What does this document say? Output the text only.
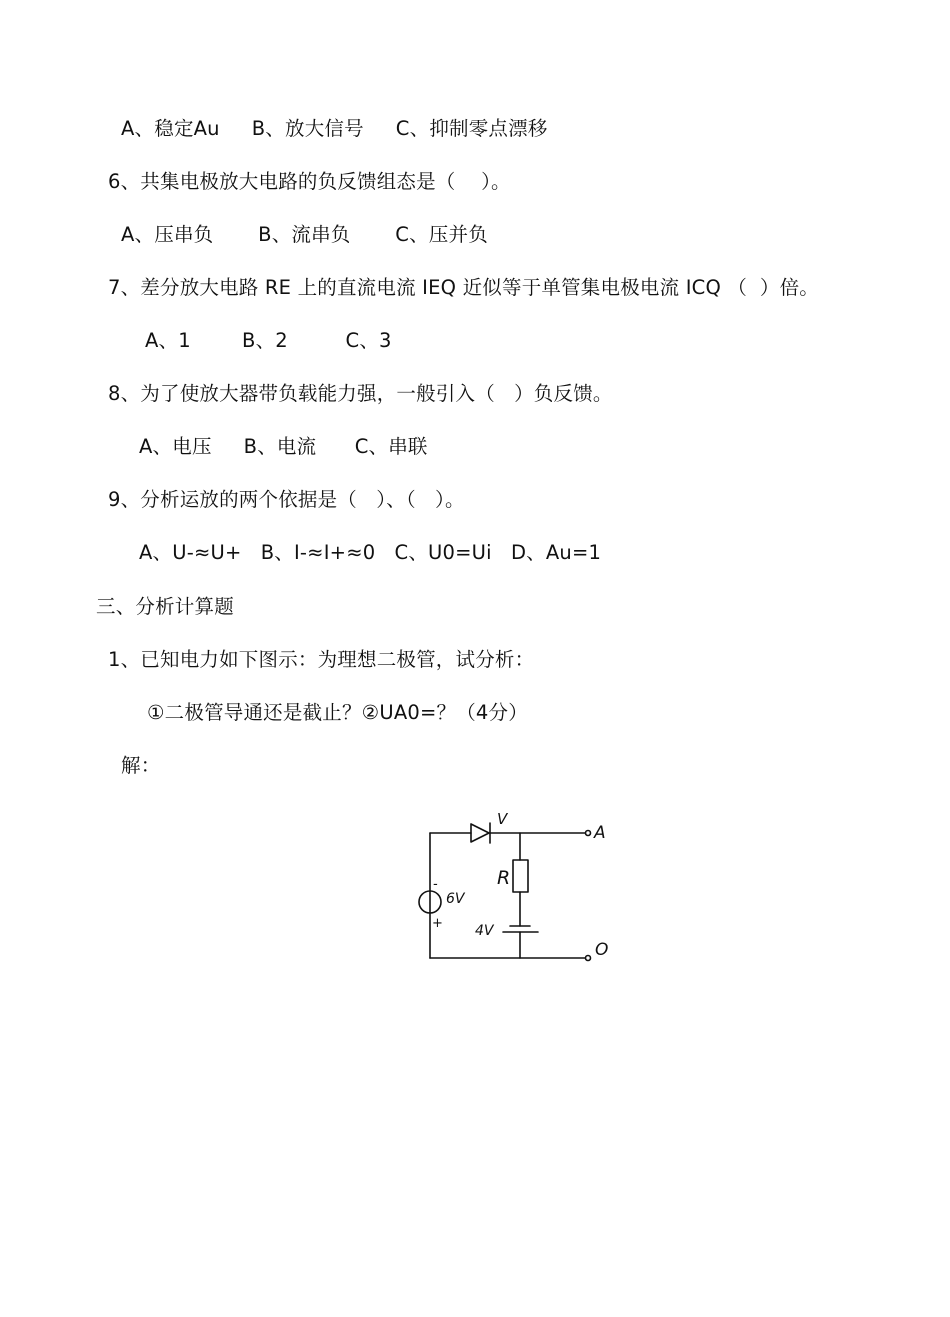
A、稳定Au     B、放大信号     C、抑制零点漂移
6、共集电极放大电路的负反馈组态是（    ）。
A、压串负       B、流串负       C、压并负
7、差分放大电路 RE 上的直流电流 IEQ 近似等于单管集电极电流 ICQ （  ）倍。
A、1        B、2         C、3
8、为了使放大器带负载能力强，一般引入（   ）负反馈。
A、电压     B、电流      C、串联
9、分析运放的两个依据是（   ）、（   ）。
A、U-≈U+   B、I-≈I+≈0   C、U0=Ui   D、Au=1
三、分析计算题
1、已知电力如下图示：为理想二极管，试分析：
①二极管导通还是截止？②UA0=？（4分）
解：
V
A
R
6V
-
+ 4V
O
